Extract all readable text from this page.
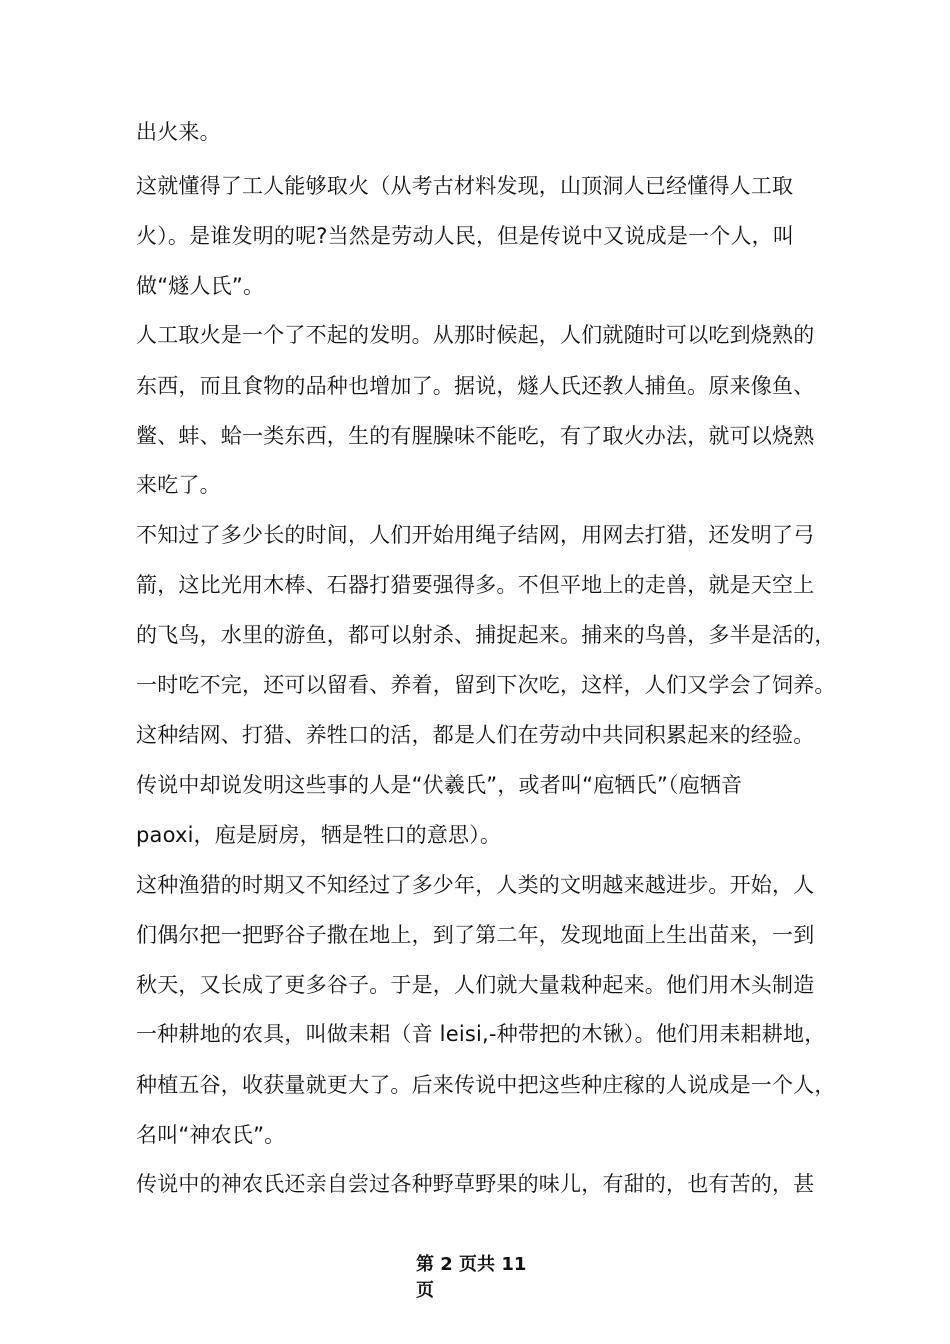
出火来。
这就懂得了工人能够取火（从考古材料发现，山顶洞人已经懂得人工取
火）。是谁发明的呢?当然是劳动人民，但是传说中又说成是一个人，叫
做“燧人氏”。
人工取火是一个了不起的发明。从那时候起，人们就随时可以吃到烧熟的
东西，而且食物的品种也增加了。据说，燧人氏还教人捕鱼。原来像鱼、
鳖、蚌、蛤一类东西，生的有腥臊味不能吃，有了取火办法，就可以烧熟
来吃了。
不知过了多少长的时间，人们开始用绳子结网，用网去打猎，还发明了弓
箭，这比光用木棒、石器打猎要强得多。不但平地上的走兽，就是天空上
的飞鸟，水里的游鱼，都可以射杀、捕捉起来。捕来的鸟兽，多半是活的，
一时吃不完，还可以留看、养着，留到下次吃，这样，人们又学会了饲养。
这种结网、打猎、养牲口的活，都是人们在劳动中共同积累起来的经验。
传说中却说发明这些事的人是“伏羲氏”，或者叫“庖牺氏”（庖牺音
paoxi，庖是厨房，牺是牲口的意思）。
这种渔猎的时期又不知经过了多少年，人类的文明越来越进步。开始，人
们偶尔把一把野谷子撒在地上，到了第二年，发现地面上生出苗来，一到
秋天，又长成了更多谷子。于是，人们就大量栽种起来。他们用木头制造
一种耕地的农具，叫做耒耜（音 leisi,-种带把的木锹）。他们用耒耜耕地，
种植五谷，收获量就更大了。后来传说中把这些种庄稼的人说成是一个人，
名叫“神农氏”。
传说中的神农氏还亲自尝过各种野草野果的味儿，有甜的，也有苦的，甚
第 2 页共 11
页
